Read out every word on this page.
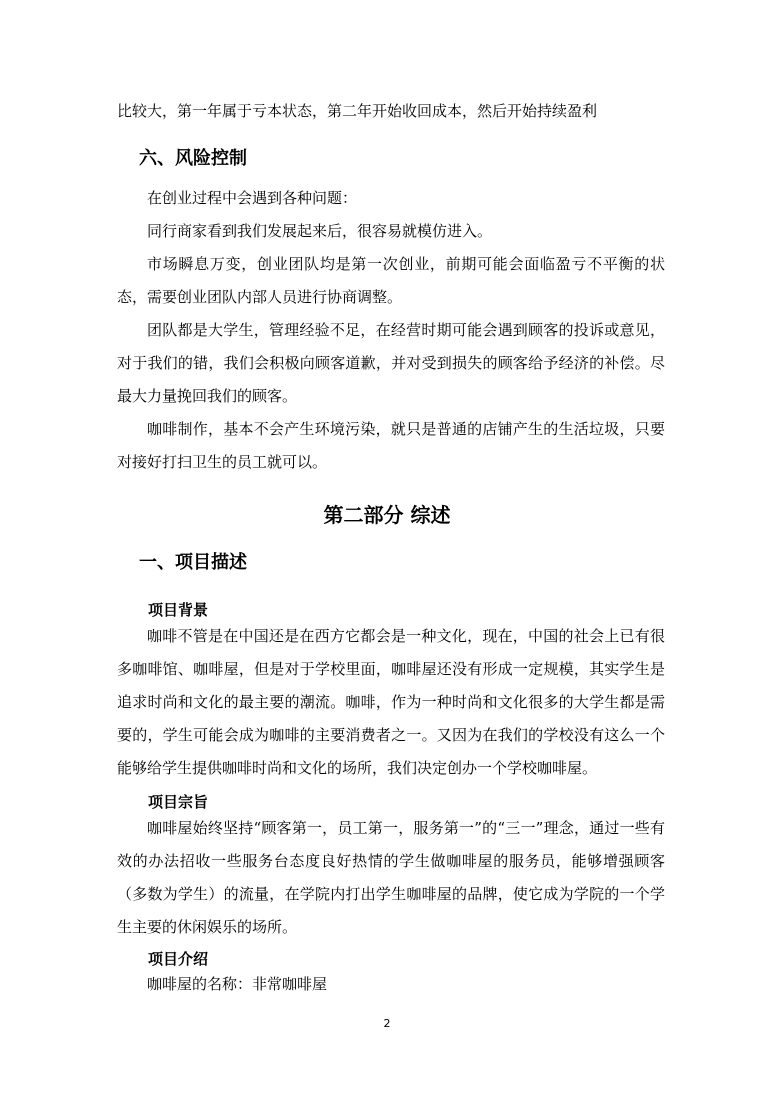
比较大，第一年属于亏本状态，第二年开始收回成本，然后开始持续盈利

六、风险控制

在创业过程中会遇到各种问题：

同行商家看到我们发展起来后，很容易就模仿进入。

市场瞬息万变，创业团队均是第一次创业，前期可能会面临盈亏不平衡的状态，需要创业团队内部人员进行协商调整。

团队都是大学生，管理经验不足，在经营时期可能会遇到顾客的投诉或意见，对于我们的错，我们会积极向顾客道歉，并对受到损失的顾客给予经济的补偿。尽最大力量挽回我们的顾客。

咖啡制作，基本不会产生环境污染，就只是普通的店铺产生的生活垃圾，只要对接好打扫卫生的员工就可以。

第二部分 综述
一、项目描述
项目背景

咖啡不管是在中国还是在西方它都会是一种文化，现在，中国的社会上已有很多咖啡馆、咖啡屋，但是对于学校里面，咖啡屋还没有形成一定规模，其实学生是追求时尚和文化的最主要的潮流。咖啡，作为一种时尚和文化很多的大学生都是需要的，学生可能会成为咖啡的主要消费者之一。又因为在我们的学校没有这么一个能够给学生提供咖啡时尚和文化的场所，我们决定创办一个学校咖啡屋。

项目宗旨

咖啡屋始终坚持“顾客第一，员工第一，服务第一”的“三一”理念，通过一些有效的办法招收一些服务台态度良好热情的学生做咖啡屋的服务员，能够增强顾客（多数为学生）的流量，在学院内打出学生咖啡屋的品牌，使它成为学院的一个学生主要的休闲娱乐的场所。

项目介绍

咖啡屋的名称：非常咖啡屋

2
